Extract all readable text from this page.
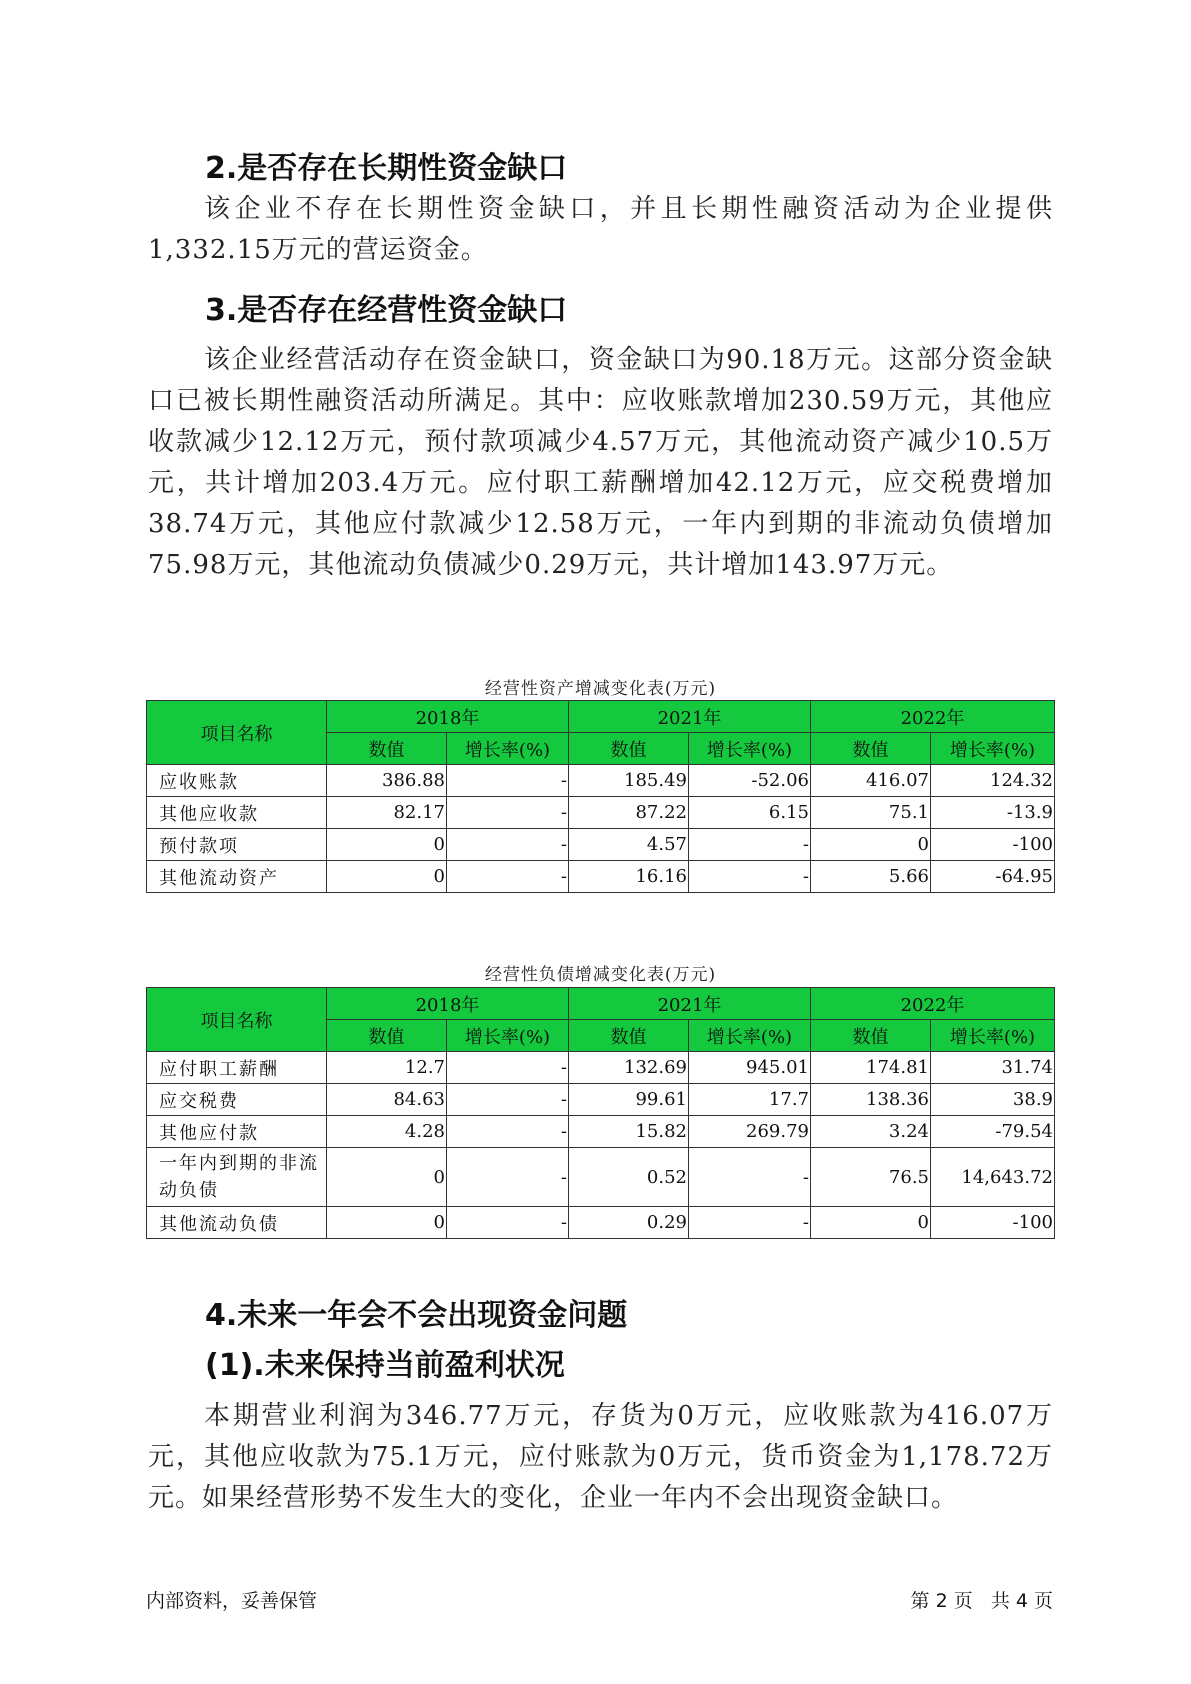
2.是否存在长期性资金缺口
该企业不存在长期性资金缺口，并且长期性融资活动为企业提供1,332.15万元的营运资金。
3.是否存在经营性资金缺口
该企业经营活动存在资金缺口，资金缺口为90.18万元。这部分资金缺口已被长期性融资活动所满足。其中：应收账款增加230.59万元，其他应收款减少12.12万元，预付款项减少4.57万元，其他流动资产减少10.5万元，共计增加203.4万元。应付职工薪酬增加42.12万元，应交税费增加38.74万元，其他应付款减少12.58万元，一年内到期的非流动负债增加75.98万元，其他流动负债减少0.29万元，共计增加143.97万元。
经营性资产增减变化表(万元)
项目名称	2018年		2021年		2022年	
	数值	增长率(%)	数值	增长率(%)	数值	增长率(%)
应收账款	386.88	-	185.49	-52.06	416.07	124.32
其他应收款	82.17	-	87.22	6.15	75.1	-13.9
预付款项	0	-	4.57	-	0	-100
其他流动资产	0	-	16.16	-	5.66	-64.95
经营性负债增减变化表(万元)
项目名称	2018年		2021年		2022年	
	数值	增长率(%)	数值	增长率(%)	数值	增长率(%)
应付职工薪酬	12.7	-	132.69	945.01	174.81	31.74
应交税费	84.63	-	99.61	17.7	138.36	38.9
其他应付款	4.28	-	15.82	269.79	3.24	-79.54
一年内到期的非流动负债	0	-	0.52	-	76.5	14,643.72
其他流动负债	0	-	0.29	-	0	-100
4.未来一年会不会出现资金问题
(1).未来保持当前盈利状况
本期营业利润为346.77万元，存货为0万元，应收账款为416.07万元，其他应收款为75.1万元，应付账款为0万元，货币资金为1,178.72万元。如果经营形势不发生大的变化，企业一年内不会出现资金缺口。
内部资料，妥善保管	第 2 页   共 4 页
